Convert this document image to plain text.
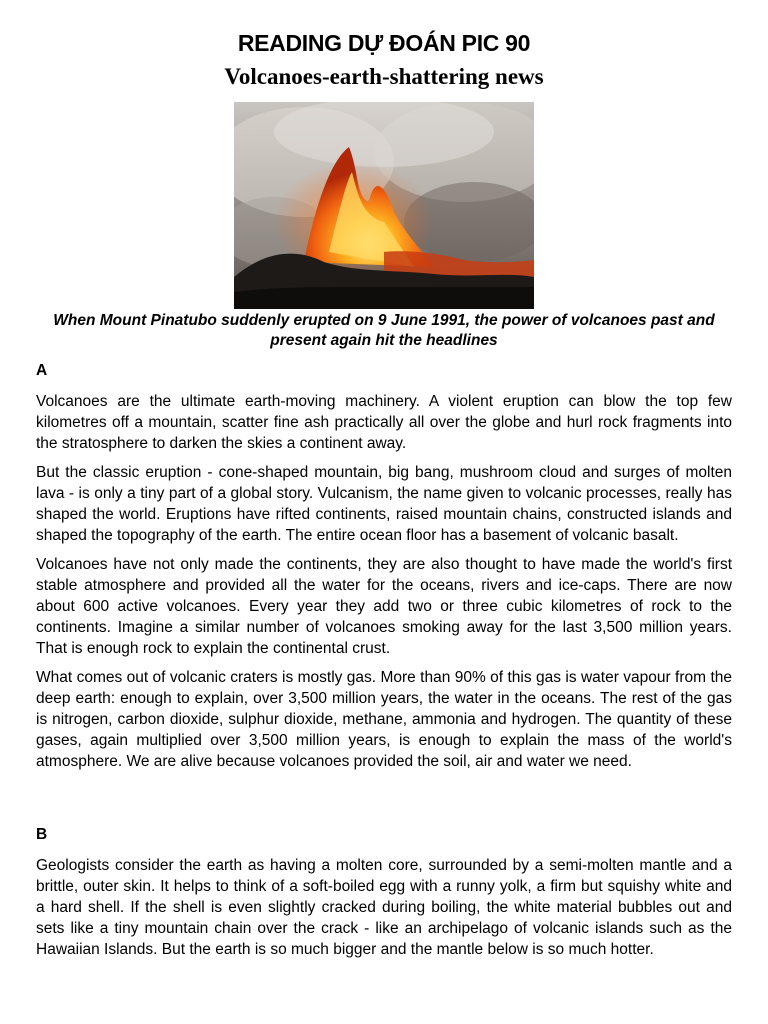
READING DỰ ĐOÁN PIC 90
Volcanoes-earth-shattering news
When Mount Pinatubo suddenly erupted on 9 June 1991, the power of volcanoes past and present again hit the headlines
A

Volcanoes are the ultimate earth-moving machinery. A violent eruption can blow the top few kilometres off a mountain, scatter fine ash practically all over the globe and hurl rock fragments into the stratosphere to darken the skies a continent away.

But the classic eruption - cone-shaped mountain, big bang, mushroom cloud and surges of molten lava - is only a tiny part of a global story. Vulcanism, the name given to volcanic processes, really has shaped the world. Eruptions have rifted continents, raised mountain chains, constructed islands and shaped the topography of the earth. The entire ocean floor has a basement of volcanic basalt.

Volcanoes have not only made the continents, they are also thought to have made the world's first stable atmosphere and provided all the water for the oceans, rivers and ice-caps. There are now about 600 active volcanoes. Every year they add two or three cubic kilometres of rock to the continents. Imagine a similar number of volcanoes smoking away for the last 3,500 million years. That is enough rock to explain the continental crust.

What comes out of volcanic craters is mostly gas. More than 90% of this gas is water vapour from the deep earth: enough to explain, over 3,500 million years, the water in the oceans. The rest of the gas is nitrogen, carbon dioxide, sulphur dioxide, methane, ammonia and hydrogen. The quantity of these gases, again multiplied over 3,500 million years, is enough to explain the mass of the world's atmosphere. We are alive because volcanoes provided the soil, air and water we need.

B

Geologists consider the earth as having a molten core, surrounded by a semi-molten mantle and a brittle, outer skin. It helps to think of a soft-boiled egg with a runny yolk, a firm but squishy white and a hard shell. If the shell is even slightly cracked during boiling, the white material bubbles out and sets like a tiny mountain chain over the crack - like an archipelago of volcanic islands such as the Hawaiian Islands. But the earth is so much bigger and the mantle below is so much hotter.
